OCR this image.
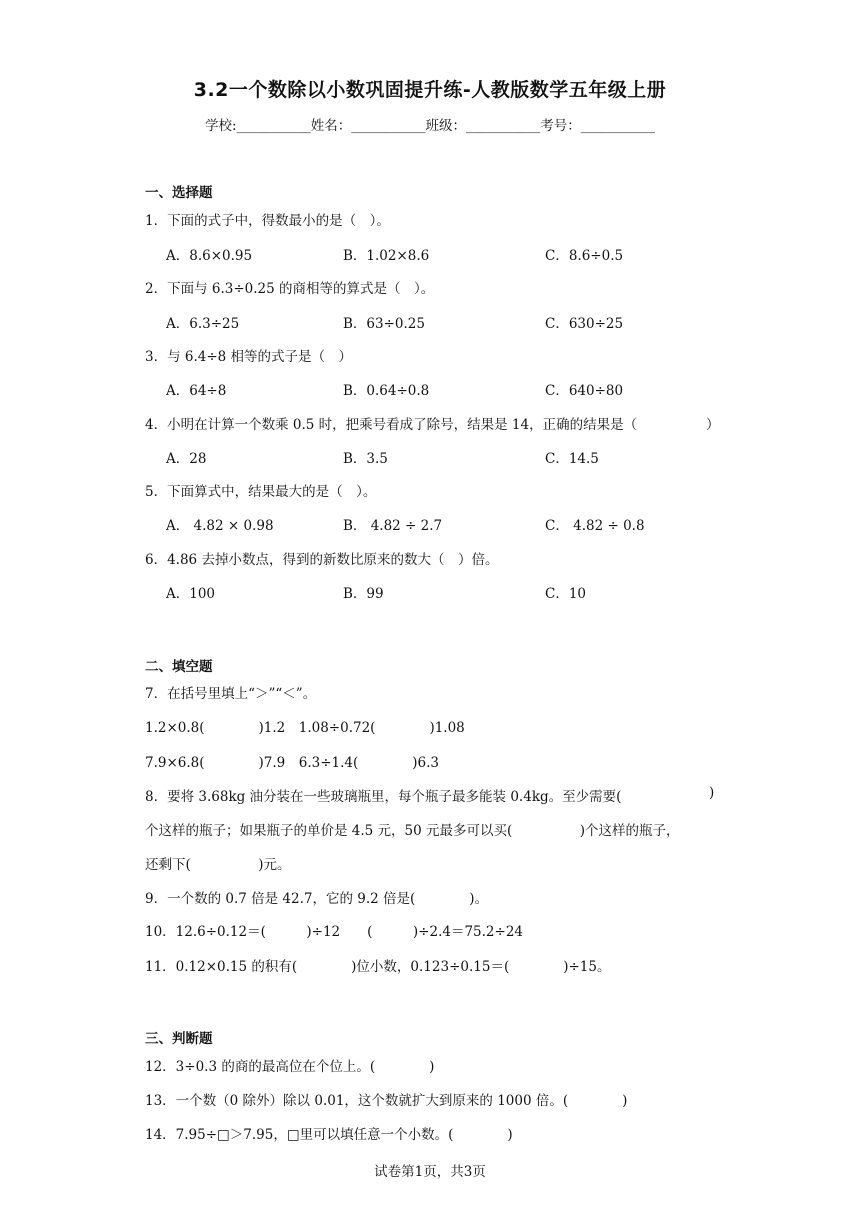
3.2一个数除以小数巩固提升练-人教版数学五年级上册
学校:___________姓名：___________班级：___________考号：___________
一、选择题
1．下面的式子中，得数最小的是（　）。
A．8.6×0.95	B．1.02×8.6	C．8.6÷0.5
2．下面与 6.3÷0.25 的商相等的算式是（　）。
A．6.3÷25	B．63÷0.25	C．630÷25
3．与 6.4÷8 相等的式子是（　）
A．64÷8	B．0.64÷0.8	C．640÷80
4．小明在计算一个数乘 0.5 时，把乘号看成了除号，结果是 14，正确的结果是（	）
A．28	B．3.5	C．14.5
5．下面算式中，结果最大的是（　）。
A． 4.82 × 0.98	B． 4.82 ÷ 2.7	C． 4.82 ÷ 0.8
6．4.86 去掉小数点，得到的新数比原来的数大（　）倍。
A．100	B．99	C．10
二、填空题
7．在括号里填上“＞”“＜”。
1.2×0.8(　　　　)1.2　1.08÷0.72(　　　　)1.08
7.9×6.8(　　　　)7.9　6.3÷1.4(　　　　)6.3
8．要将 3.68kg 油分装在一些玻璃瓶里，每个瓶子最多能装 0.4kg。至少需要(	)
个这样的瓶子；如果瓶子的单价是 4.5 元，50 元最多可以买(　　　　　)个这样的瓶子，
还剩下(　　　　　)元。
9．一个数的 0.7 倍是 42.7，它的 9.2 倍是(　　　　)。
10．12.6÷0.12＝(　　　)÷12　　(　　　)÷2.4＝75.2÷24
11．0.12×0.15 的积有(　　　　)位小数，0.123÷0.15＝(　　　　)÷15。
三、判断题
12．3÷0.3 的商的最高位在个位上。(　　　　)
13．一个数（0 除外）除以 0.01，这个数就扩大到原来的 1000 倍。(　　　　)
14．7.95÷□＞7.95，□里可以填任意一个小数。(　　　　)
试卷第1页，共3页
